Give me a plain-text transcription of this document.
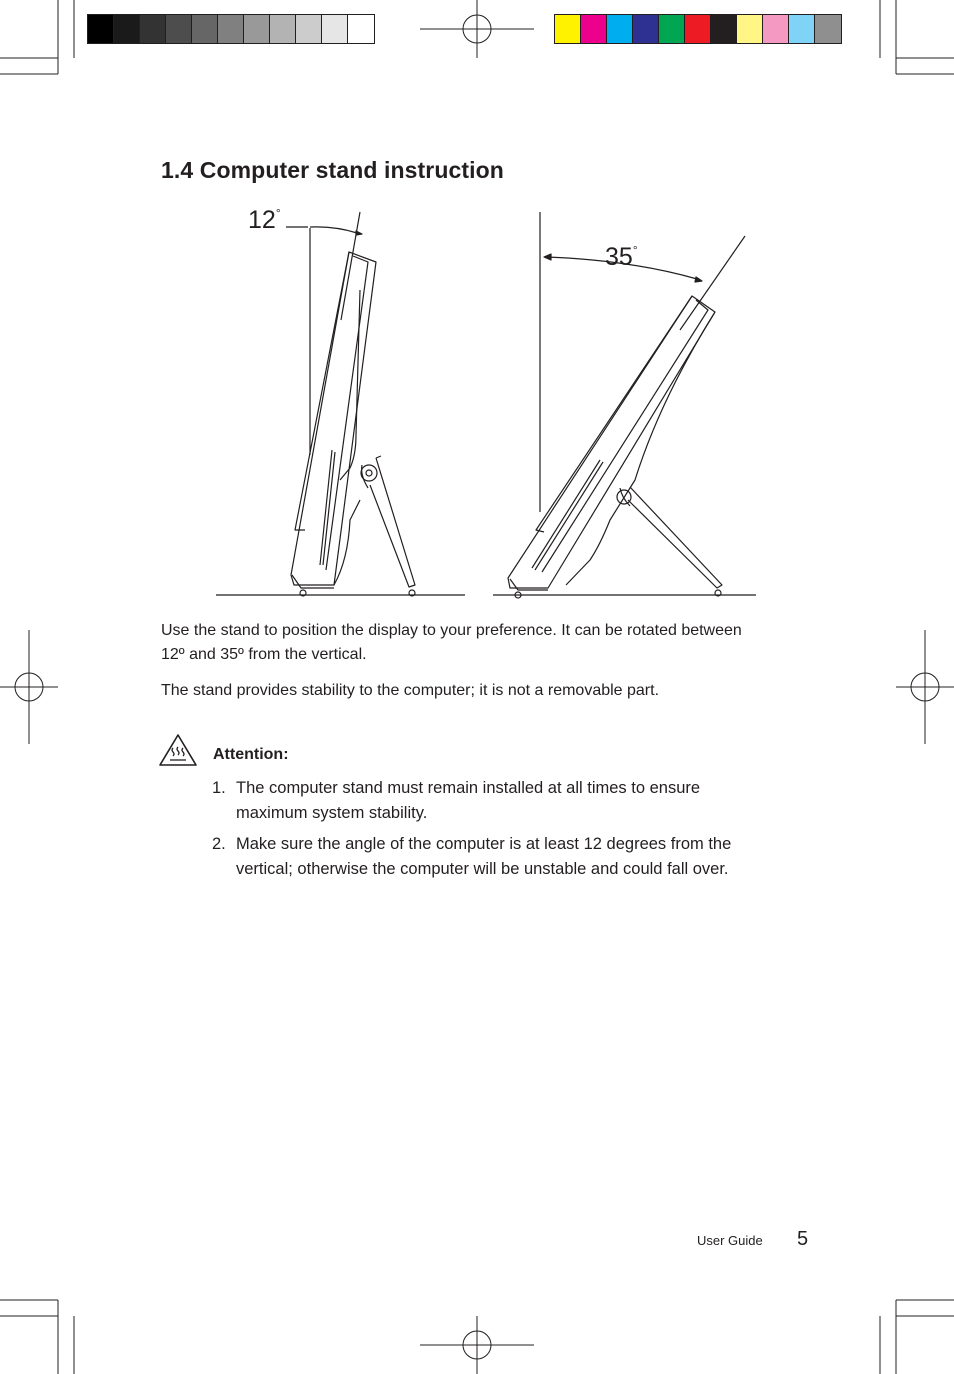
1.4 Computer stand instruction
12°
35°

Use the stand to position the display to your preference. It can be rotated between
12º and 35º from the vertical.

The stand provides stability to the computer; it is not a removable part.

Attention:
1. The computer stand must remain installed at all times to ensure
maximum system stability.
2. Make sure the angle of the computer is at least 12 degrees from the
vertical; otherwise the computer will be unstable and could fall over.
User Guide 5
